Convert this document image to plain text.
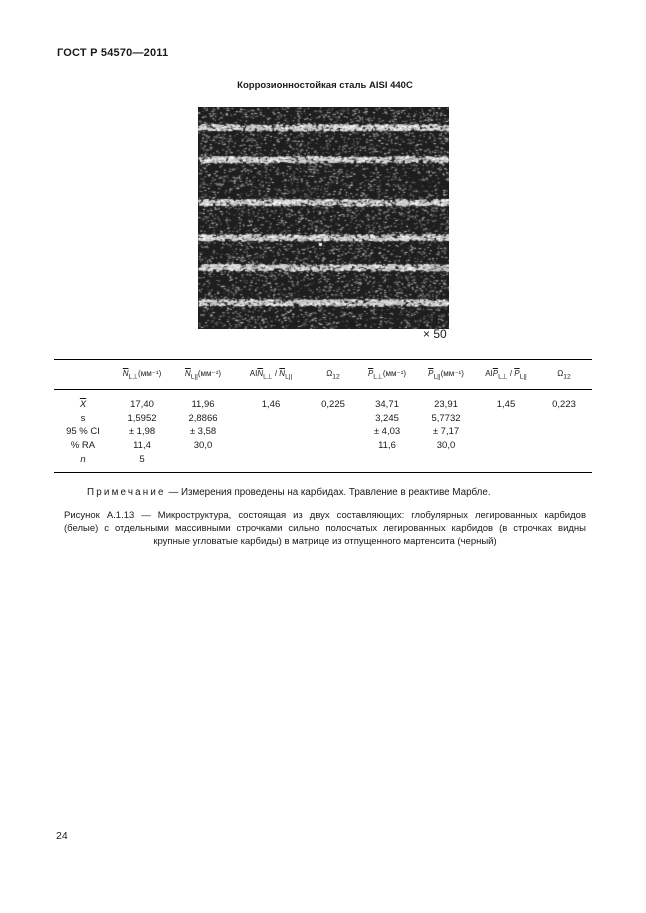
ГОСТ Р 54570—2011
Коррозионностойкая сталь AISI 440С
× 50
	$\overline{N}_{L\perp}(мм^{-1})$	$\overline{N}_{L||}(мм^{-1})$	$AI\overline{N}_{L\perp} / \overline{N}_{L||}$	$\Omega_{12}$	$\overline{P}_{L\perp}(мм^{-1})$	$\overline{P}_{L||}(мм^{-1})$	$AI\overline{P}_{L\perp} / \overline{P}_{L||}$	$\Omega_{12}$
$\overline{X}$	17,40	11,96	1,46	0,225	34,71	23,91	1,45	0,223
s	1,5952	2,8866			3,245	5,7732		
95 % CI	± 1,98	± 3,58			± 4,03	± 7,17		
% RA	11,4	30,0			11,6	30,0		
n	5							
Примечание — Измерения проведены на карбидах. Травление в реактиве Марбле.
Рисунок А.1.13 — Микроструктура, состоящая из двух составляющих: глобулярных легированных карбидов
(белые) с отдельными массивными строчками сильно полосчатых легированных карбидов (в строчках видны
крупные угловатые карбиды) в матрице из отпущенного мартенсита (черный)
24
